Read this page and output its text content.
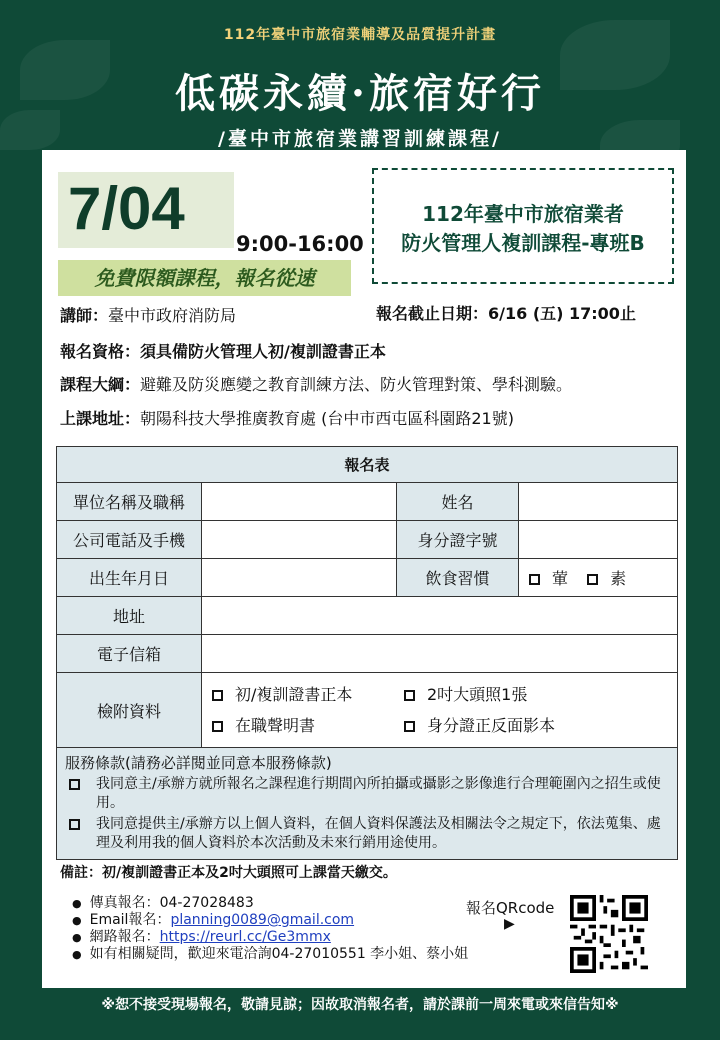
112年臺中市旅宿業輔導及品質提升計畫
低碳永續·旅宿好行
/臺中市旅宿業講習訓練課程/
7/04
9:00-16:00
免費限額課程，報名從速
112年臺中市旅宿業者
防火管理人複訓課程-專班B
報名截止日期：6/16 (五) 17:00止
講師：臺中市政府消防局
報名資格：須具備防火管理人初/複訓證書正本
課程大綱：避難及防災應變之教育訓練方法、防火管理對策、學科測驗。
上課地址：朝陽科技大學推廣教育處 (台中市西屯區科園路21號)
報名表			
單位名稱及職稱		姓名	
公司電話及手機		身分證字號	
出生年月日		飲食習慣	葷 素
地址			
電子信箱			
檢附資料	初/複訓證書正本 2吋大頭照1張
在職聲明書 身分證正反面影本		

服務條款(請務必詳閱並同意本服務條款)
我同意主/承辦方就所報名之課程進行期間內所拍攝或攝影之影像進行合理範圍內之招生或使用。
我同意提供主/承辦方以上個人資料，在個人資料保護法及相關法令之規定下，依法蒐集、處理及利用我的個人資料於本次活動及未來行銷用途使用。			
備註：初/複訓證書正本及2吋大頭照可上課當天繳交。
● 傳真報名：04-27028483
● Email報名：planning0089@gmail.com
● 網路報名：https://reurl.cc/Ge3mmx
● 如有相關疑問，歡迎來電洽詢04-27010551 李小姐、蔡小姐
報名QRcode
▶
※恕不接受現場報名，敬請見諒；因故取消報名者，請於課前一周來電或來信告知※
